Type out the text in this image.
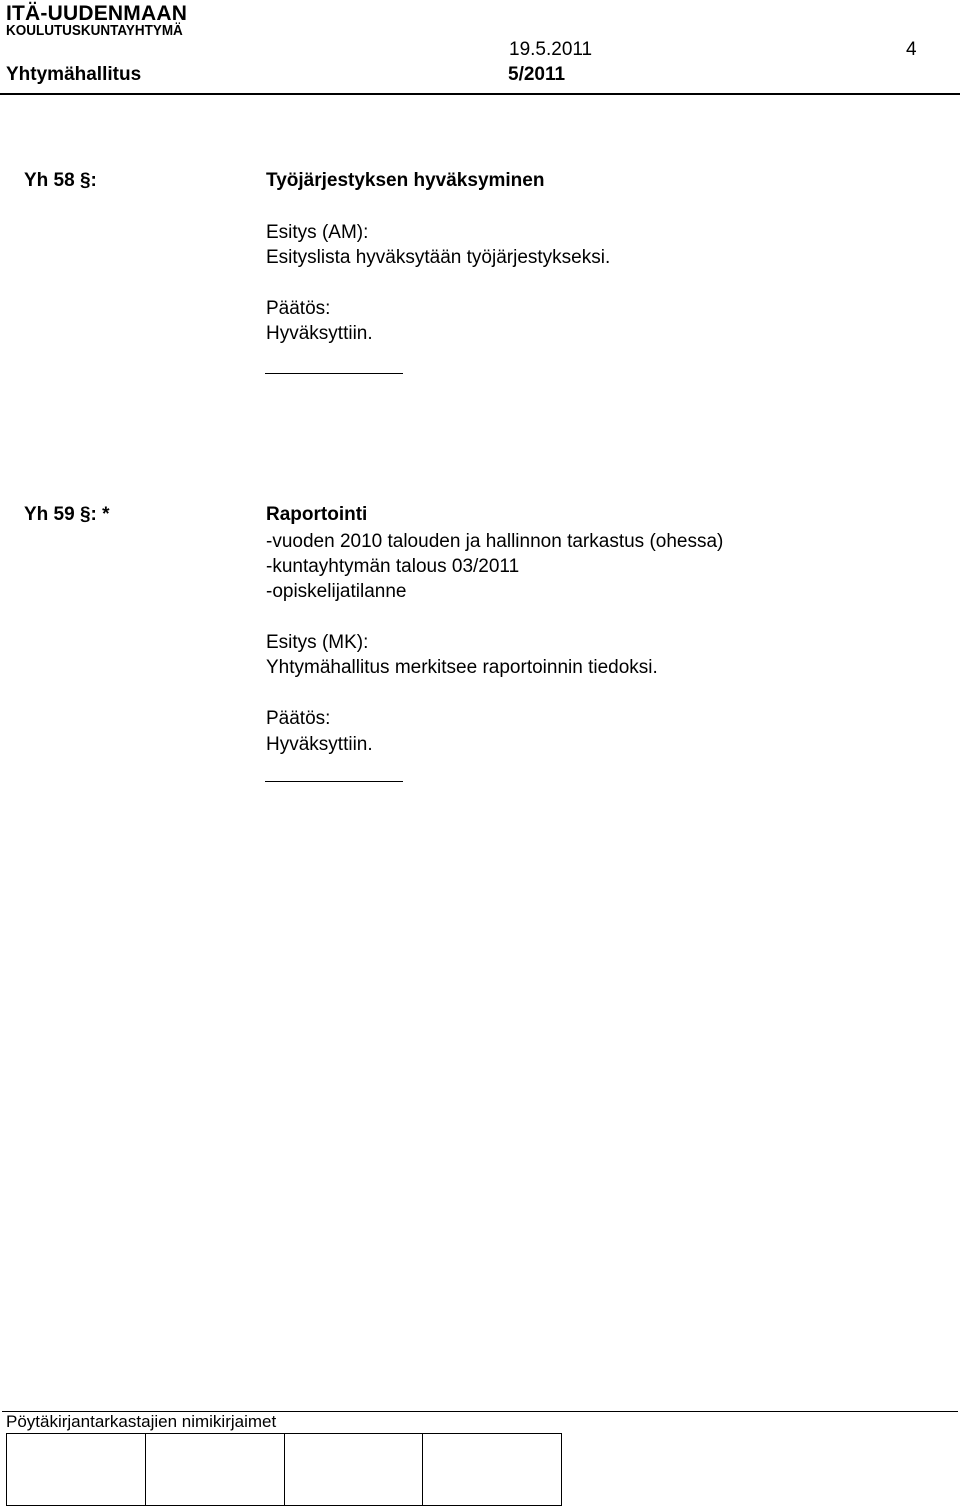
ITÄ-UUDENMAAN
KOULUTUSKUNTAYHTYMÄ
19.5.2011	4
Yhtymähallitus	5/2011
Yh 58 §:	Työjärjestyksen hyväksyminen
Esitys (AM):
Esityslista hyväksytään työjärjestykseksi.
Päätös:
Hyväksyttiin.
Yh 59 §: *	Raportointi
-vuoden 2010 talouden ja hallinnon tarkastus (ohessa)
-kuntayhtymän talous 03/2011
-opiskelijatilanne
Esitys (MK):
Yhtymähallitus merkitsee raportoinnin tiedoksi.
Päätös:
Hyväksyttiin.
Pöytäkirjantarkastajien nimikirjaimet
